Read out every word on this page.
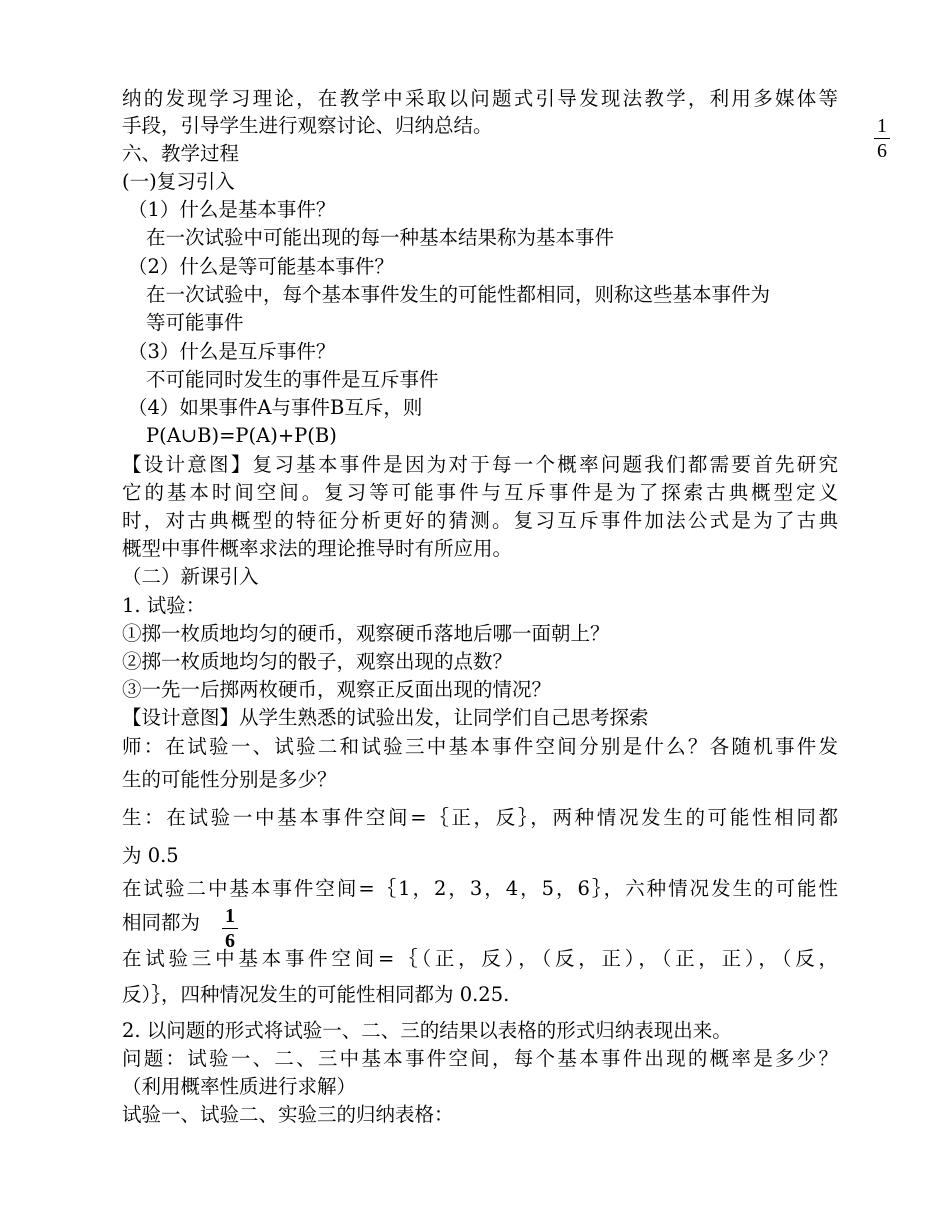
纳的发现学习理论，在教学中采取以问题式引导发现法教学，利用多媒体等
手段，引导学生进行观察讨论、归纳总结。
六、教学过程
(一)复习引入
（1）什么是基本事件？
在一次试验中可能出现的每一种基本结果称为基本事件
（2）什么是等可能基本事件？
在一次试验中，每个基本事件发生的可能性都相同，则称这些基本事件为
等可能事件
（3）什么是互斥事件？
不可能同时发生的事件是互斥事件
（4）如果事件A与事件B互斥，则
P(A∪B)=P(A)+P(B)
【设计意图】复习基本事件是因为对于每一个概率问题我们都需要首先研究
它的基本时间空间。复习等可能事件与互斥事件是为了探索古典概型定义
时，对古典概型的特征分析更好的猜测。复习互斥事件加法公式是为了古典
概型中事件概率求法的理论推导时有所应用。
（二）新课引入
1. 试验：
①掷一枚质地均匀的硬币，观察硬币落地后哪一面朝上？
②掷一枚质地均匀的骰子，观察出现的点数？
③一先一后掷两枚硬币，观察正反面出现的情况？
【设计意图】从学生熟悉的试验出发，让同学们自己思考探索
师：在试验一、试验二和试验三中基本事件空间分别是什么？各随机事件发
生的可能性分别是多少？
生：在试验一中基本事件空间=｛正，反｝，两种情况发生的可能性相同都
为 0.5
在试验二中基本事件空间=｛1，2，3，4，5，6｝，六种情况发生的可能性
相同都为
在试验三中基本事件空间=｛（正，反），（反，正），（正，正），（反，
反）｝，四种情况发生的可能性相同都为 0.25.
2. 以问题的形式将试验一、二、三的结果以表格的形式归纳表现出来。
问题：试验一、二、三中基本事件空间，每个基本事件出现的概率是多少？
（利用概率性质进行求解）
试验一、试验二、实验三的归纳表格：
1
6
1
6
